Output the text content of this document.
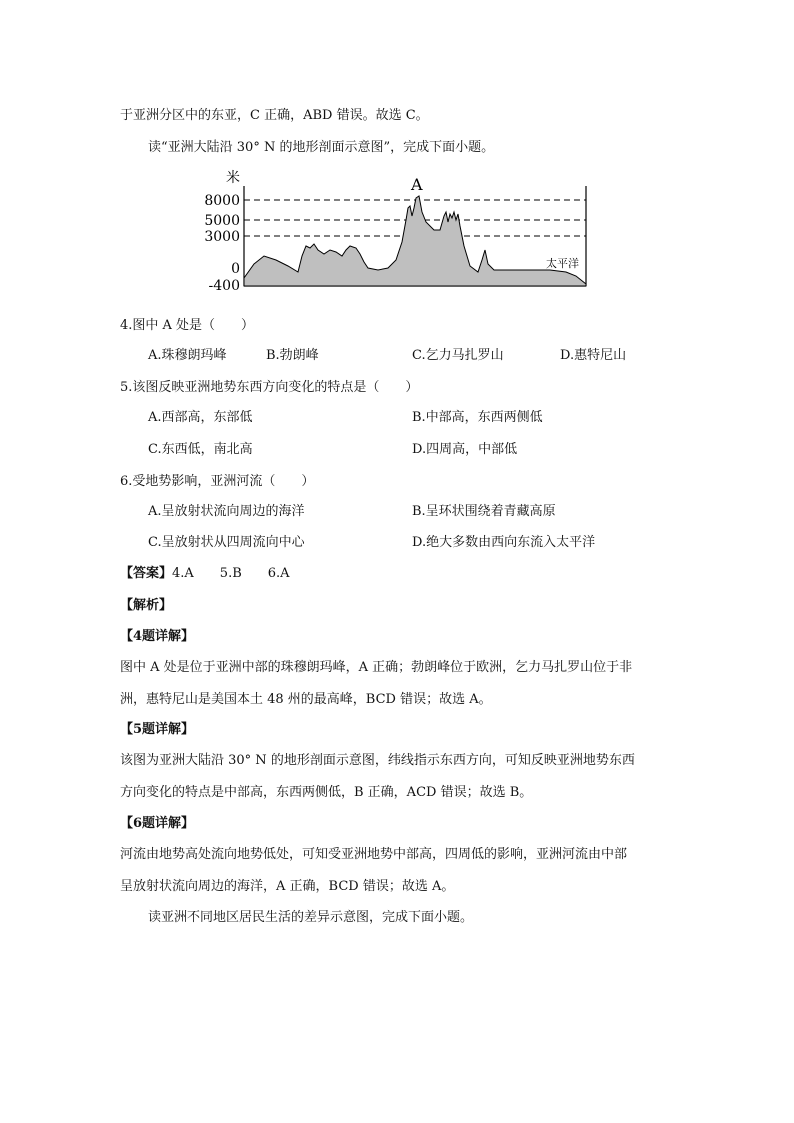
于亚洲分区中的东亚，C 正确，ABD 错误。故选 C。
读“亚洲大陆沿 30° N 的地形剖面示意图”，完成下面小题。
米
8000
5000
3000
0
-400
A
太平洋
4.图中 A 处是（　　）
A.珠穆朗玛峰	B.勃朗峰	C.乞力马扎罗山	D.惠特尼山
5.该图反映亚洲地势东西方向变化的特点是（　　）
A.西部高，东部低	B.中部高，东西两侧低
C.东西低，南北高	D.四周高，中部低
6.受地势影响，亚洲河流（　　）
A.呈放射状流向周边的海洋	B.呈环状围绕着青藏高原
C.呈放射状从四周流向中心	D.绝大多数由西向东流入太平洋
【答案】4.A　　5.B　　6.A
【解析】
【4题详解】
图中 A 处是位于亚洲中部的珠穆朗玛峰，A 正确；勃朗峰位于欧洲，乞力马扎罗山位于非
洲，惠特尼山是美国本土 48 州的最高峰，BCD 错误；故选 A。
【5题详解】
该图为亚洲大陆沿 30° N 的地形剖面示意图，纬线指示东西方向，可知反映亚洲地势东西
方向变化的特点是中部高，东西两侧低，B 正确，ACD 错误；故选 B。
【6题详解】
河流由地势高处流向地势低处，可知受亚洲地势中部高，四周低的影响，亚洲河流由中部
呈放射状流向周边的海洋，A 正确，BCD 错误；故选 A。
读亚洲不同地区居民生活的差异示意图，完成下面小题。
